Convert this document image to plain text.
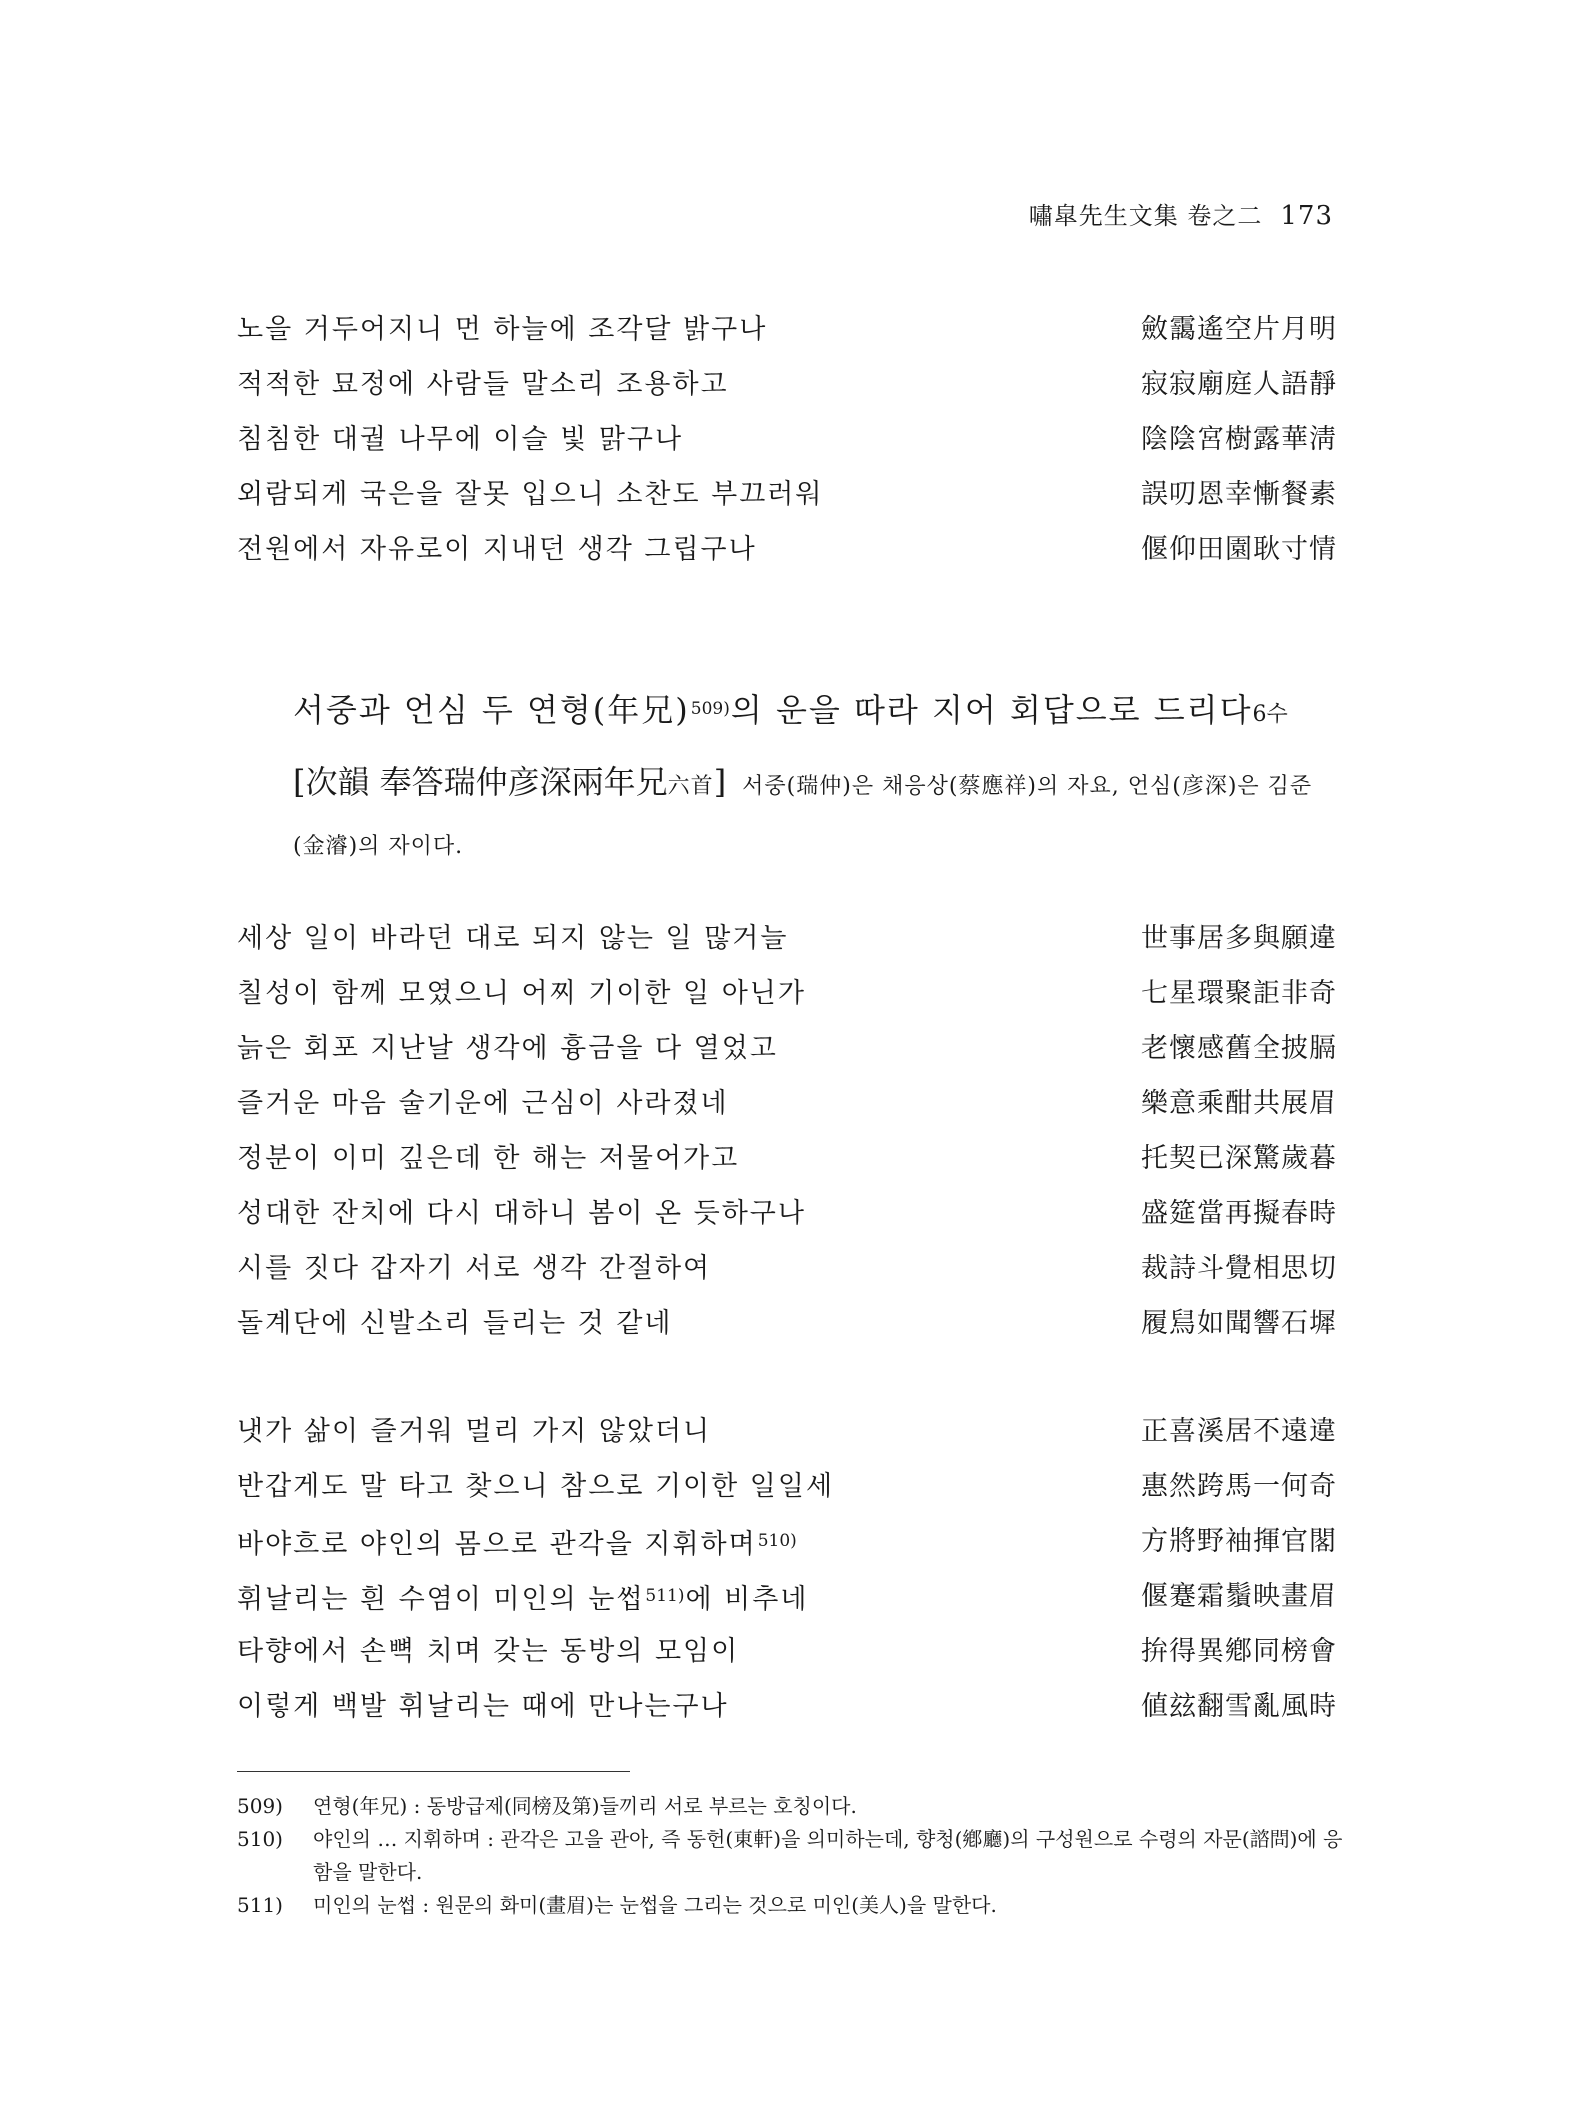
嘯皐先生文集 卷之二 173
노을 거두어지니 먼 하늘에 조각달 밝구나	斂靄遙空片月明
적적한 묘정에 사람들 말소리 조용하고	寂寂廟庭人語靜
침침한 대궐 나무에 이슬 빛 맑구나	陰陰宮樹露華淸
외람되게 국은을 잘못 입으니 소찬도 부끄러워	誤叨恩幸慚餐素
전원에서 자유로이 지내던 생각 그립구나	偃仰田園耿寸情
서중과 언심 두 연형(年兄)$^{509)}$의 운을 따라 지어 회답으로 드리다6수
[次韻 奉答瑞仲彦深兩年兄六首] 서중(瑞仲)은 채응상(蔡應祥)의 자요, 언심(彦深)은 김준(金濬)의 자이다.
세상 일이 바라던 대로 되지 않는 일 많거늘	世事居多與願違
칠성이 함께 모였으니 어찌 기이한 일 아닌가	七星環聚詎非奇
늙은 회포 지난날 생각에 흉금을 다 열었고	老懷感舊全披膈
즐거운 마음 술기운에 근심이 사라졌네	樂意乘酣共展眉
정분이 이미 깊은데 한 해는 저물어가고	托契已深驚歲暮
성대한 잔치에 다시 대하니 봄이 온 듯하구나	盛筵當再擬春時
시를 짓다 갑자기 서로 생각 간절하여	裁詩斗覺相思切
돌계단에 신발소리 들리는 것 같네	履舃如聞響石墀
냇가 삶이 즐거워 멀리 가지 않았더니	正喜溪居不遠違
반갑게도 말 타고 찾으니 참으로 기이한 일일세	惠然跨馬一何奇
바야흐로 야인의 몸으로 관각을 지휘하며$^{510)}$	方將野袖揮官閣
휘날리는 흰 수염이 미인의 눈썹$^{511)}$에 비추네	偃蹇霜鬚映畫眉
타향에서 손뼉 치며 갖는 동방의 모임이	拚得異鄕同榜會
이렇게 백발 휘날리는 때에 만나는구나	値玆翻雪亂風時
509) 연형(年兄) : 동방급제(同榜及第)들끼리 서로 부르는 호칭이다.
510) 야인의 … 지휘하며 : 관각은 고을 관아, 즉 동헌(東軒)을 의미하는데, 향청(鄕廳)의 구성원으로 수령의 자문(諮問)에 응함을 말한다.
511) 미인의 눈썹 : 원문의 화미(畫眉)는 눈썹을 그리는 것으로 미인(美人)을 말한다.
